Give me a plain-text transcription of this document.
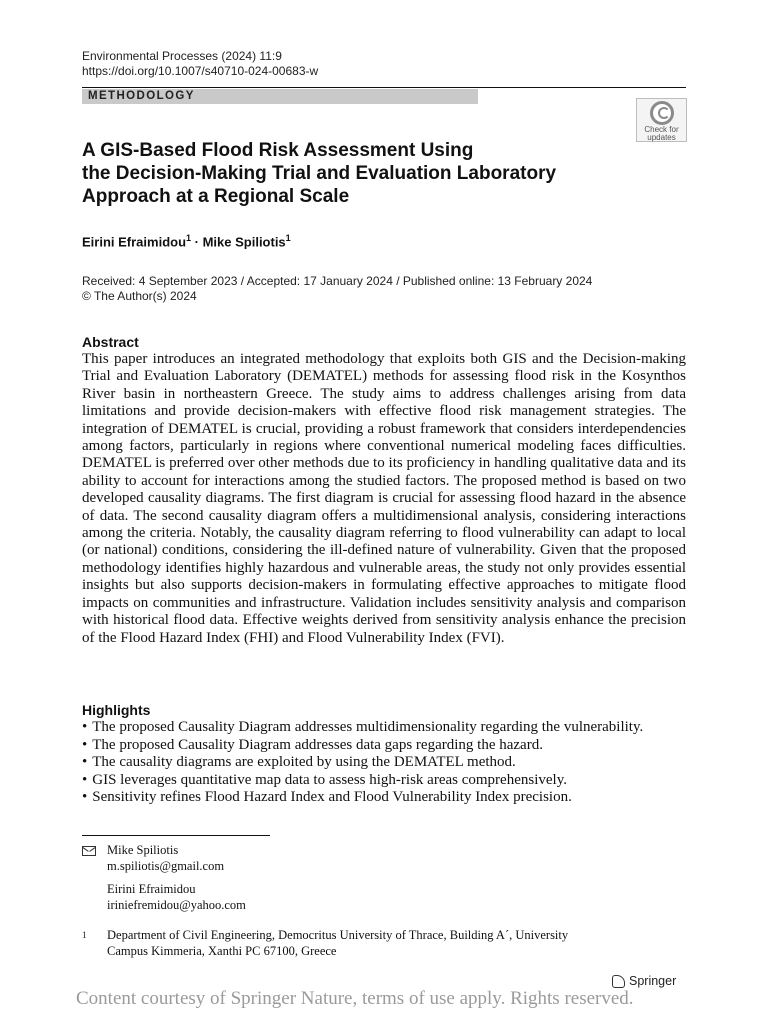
Environmental Processes (2024) 11:9
https://doi.org/10.1007/s40710-024-00683-w
METHODOLOGY
Check for
updates
A GIS-Based Flood Risk Assessment Using
the Decision-Making Trial and Evaluation Laboratory
Approach at a Regional Scale
Eirini Efraimidou$^1$ · Mike Spiliotis$^1$
Received: 4 September 2023 / Accepted: 17 January 2024 / Published online: 13 February 2024
© The Author(s) 2024
Abstract
This paper introduces an integrated methodology that exploits both GIS and the Decision-making Trial and Evaluation Laboratory (DEMATEL) methods for assessing flood risk in the Kosynthos River basin in northeastern Greece. The study aims to address challenges arising from data limitations and provide decision-makers with effective flood risk management strategies. The integration of DEMATEL is crucial, providing a robust framework that considers interdependencies among factors, particularly in regions where conventional numerical modeling faces difficulties. DEMATEL is preferred over other methods due to its proficiency in handling qualitative data and its ability to account for interactions among the studied factors. The proposed method is based on two developed causality diagrams. The first diagram is crucial for assessing flood hazard in the absence of data. The second causality diagram offers a multidimensional analysis, considering interactions among the criteria. Notably, the causality diagram referring to flood vulnerability can adapt to local (or national) conditions, considering the ill-defined nature of vulnerability. Given that the proposed methodology identifies highly hazardous and vulnerable areas, the study not only provides essential insights but also supports decision-makers in formulating effective approaches to mitigate flood impacts on communities and infrastructure. Validation includes sensitivity analysis and comparison with historical flood data. Effective weights derived from sensitivity analysis enhance the precision of the Flood Hazard Index (FHI) and Flood Vulnerability Index (FVI).
Highlights
• The proposed Causality Diagram addresses multidimensionality regarding the vulnerability.
• The proposed Causality Diagram addresses data gaps regarding the hazard.
• The causality diagrams are exploited by using the DEMATEL method.
• GIS leverages quantitative map data to assess high-risk areas comprehensively.
• Sensitivity refines Flood Hazard Index and Flood Vulnerability Index precision.
Mike Spiliotis
m.spiliotis@gmail.com
Eirini Efraimidou
iriniefremidou@yahoo.com
1	Department of Civil Engineering, Democritus University of Thrace, Building A´, University
Campus Kimmeria, Xanthi PC 67100, Greece
Springer
Content courtesy of Springer Nature, terms of use apply. Rights reserved.
